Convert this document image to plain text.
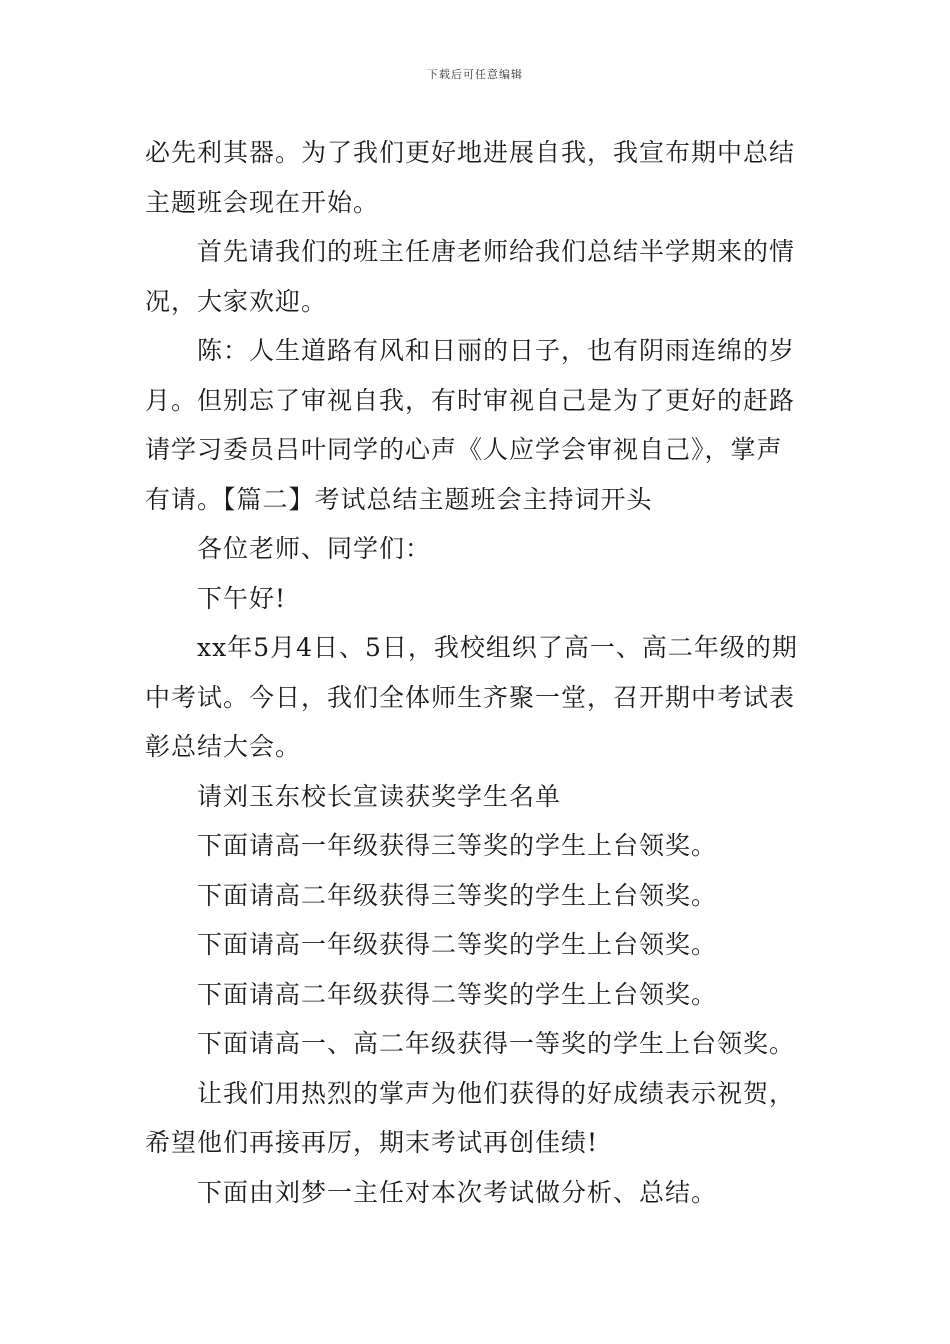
下载后可任意编辑
必先利其器。为了我们更好地进展自我，我宣布期中总结
主题班会现在开始。
首先请我们的班主任唐老师给我们总结半学期来的情
况，大家欢迎。
陈：人生道路有风和日丽的日子，也有阴雨连绵的岁
月。但别忘了审视自我，有时审视自己是为了更好的赶路
请学习委员吕叶同学的心声《人应学会审视自己》，掌声
有请。【篇二】考试总结主题班会主持词开头
各位老师、同学们：
下午好!
xx年5月4日、5日，我校组织了高一、高二年级的期
中考试。今日，我们全体师生齐聚一堂，召开期中考试表
彰总结大会。
请刘玉东校长宣读获奖学生名单
下面请高一年级获得三等奖的学生上台领奖。
下面请高二年级获得三等奖的学生上台领奖。
下面请高一年级获得二等奖的学生上台领奖。
下面请高二年级获得二等奖的学生上台领奖。
下面请高一、高二年级获得一等奖的学生上台领奖。
让我们用热烈的掌声为他们获得的好成绩表示祝贺，
希望他们再接再厉，期末考试再创佳绩!
下面由刘梦一主任对本次考试做分析、总结。
